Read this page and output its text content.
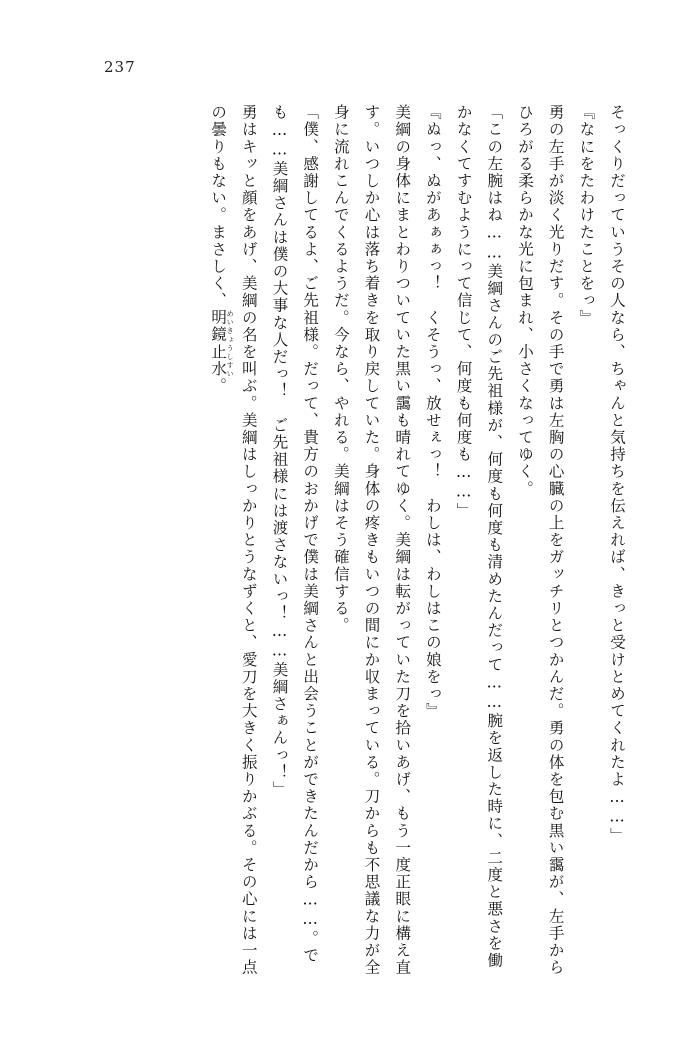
237

そっくりだっていうその人なら、ちゃんと気持ちを伝えれば、きっと受けとめてくれたよ……」

『なにをたわけたことをっ』

勇の左手が淡く光りだす。その手で勇は左胸の心臓の上をガッチリとつかんだ。勇の体を包む黒い靄が、左手からひろがる柔らかな光に包まれ、小さくなってゆく。

「この左腕はね……美綱さんのご先祖様が、何度も何度も清めたんだって……腕を返した時に、二度と悪さを働かなくてすむようにって信じて、何度も何度も……」

『ぬっ、ぬがあぁぁっ！　くそうっ、放せぇっ！　わしは、わしはこの娘をっ』

美綱の身体にまとわりついていた黒い靄も晴れてゆく。美綱は転がっていた刀を拾いあげ、もう一度正眼に構え直す。いつしか心は落ち着きを取り戻していた。身体の疼きもいつの間にか収まっている。刀からも不思議な力が全身に流れこんでくるようだ。今なら、やれる。美綱はそう確信する。

「僕、感謝してるよ、ご先祖様。だって、貴方のおかげで僕は美綱さんと出会うことができたんだから……。でも……美綱さんは僕の大事な人だっ！　ご先祖様には渡さないっ！……美綱さぁんっ！」

勇はキッと顔をあげ、美綱の名を叫ぶ。美綱はしっかりとうなずくと、愛刀を大きく振りかぶる。その心には一点の曇りもない。まさしく、明鏡止水 めいきょうしすい。
